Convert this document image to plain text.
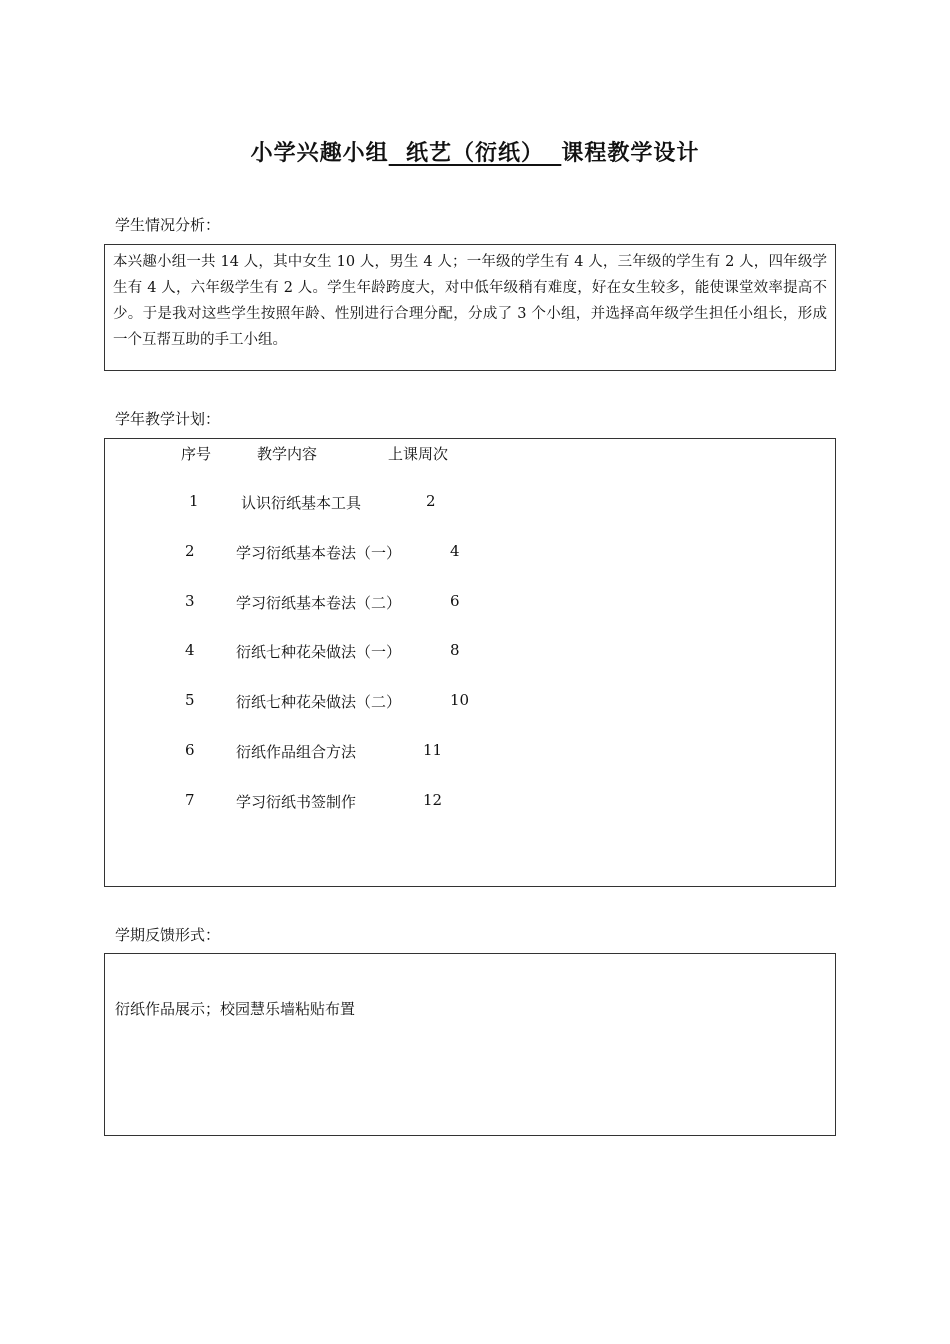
小学兴趣小组 纸艺（衍纸） 课程教学设计
学生情况分析：
本兴趣小组一共 14 人，其中女生 10 人，男生 4 人；一年级的学生有 4 人，三年级的学生有 2 人，四年级学生有 4 人，六年级学生有 2 人。学生年龄跨度大，对中低年级稍有难度，好在女生较多，能使课堂效率提高不少。于是我对这些学生按照年龄、性别进行合理分配，分成了 3 个小组，并选择高年级学生担任小组长，形成一个互帮互助的手工小组。
学年教学计划：
序号	教学内容	上课周次
1	认识衍纸基本工具	2
2	学习衍纸基本卷法（一）	4
3	学习衍纸基本卷法（二）	6
4	衍纸七种花朵做法（一）	8
5	衍纸七种花朵做法（二）	10
6	衍纸作品组合方法	11
7	学习衍纸书签制作	12
学期反馈形式：
衍纸作品展示；校园慧乐墙粘贴布置
